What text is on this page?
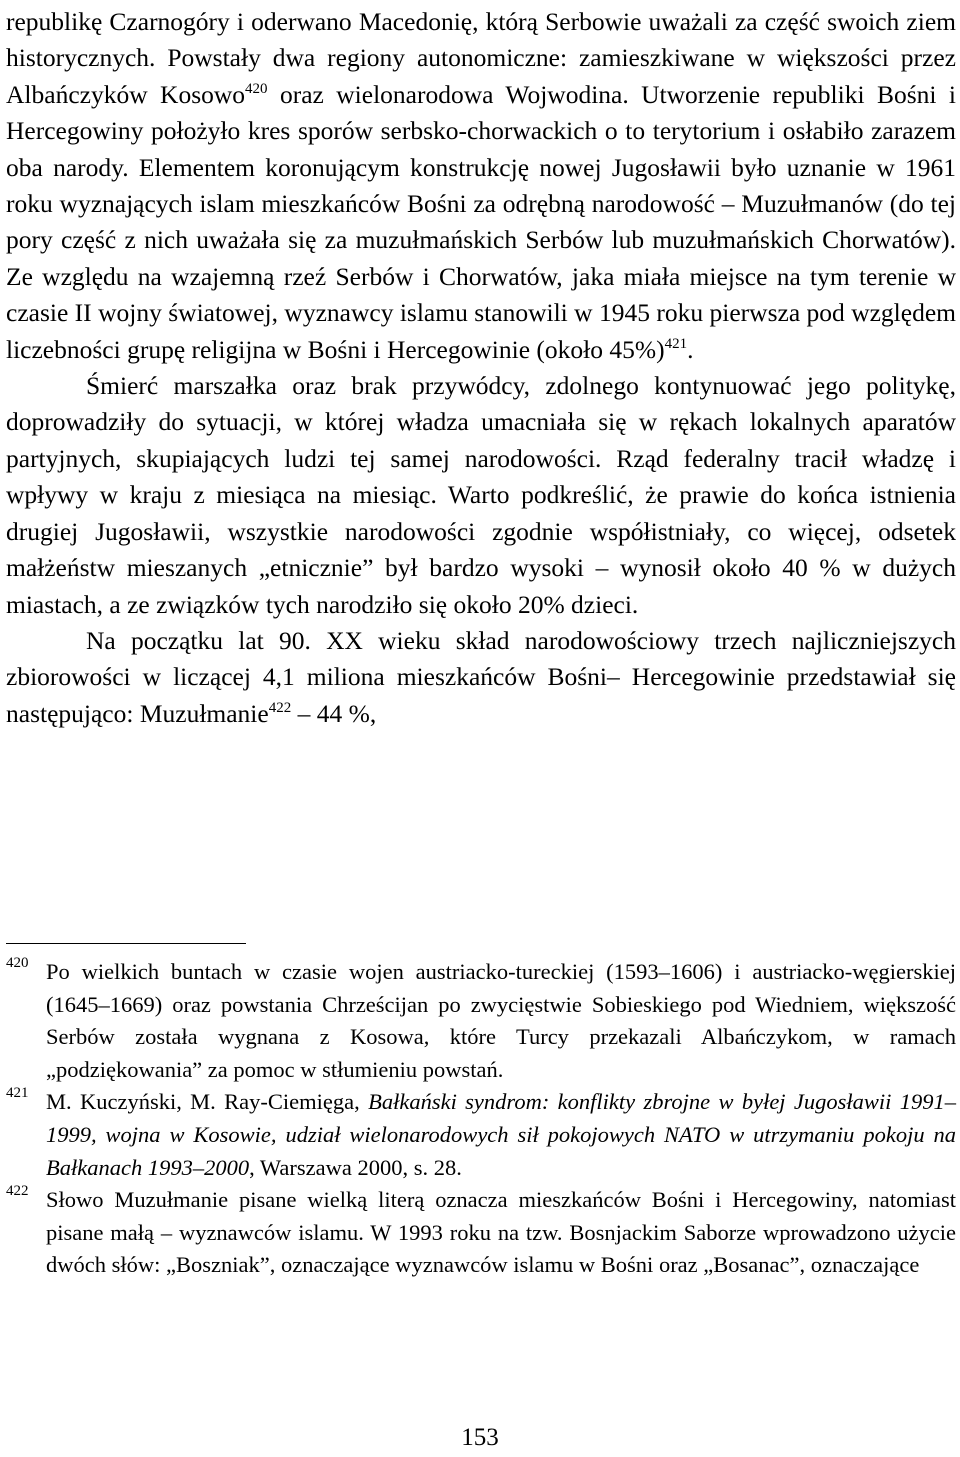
republikę Czarnogóry i oderwano Macedonię, którą Serbowie uważali za część swoich ziem historycznych. Powstały dwa regiony autonomiczne: zamieszkiwane w większości przez Albańczyków Kosowo$^{420}$ oraz wielonarodowa Wojwodina. Utworzenie republiki Bośni i Hercegowiny położyło kres sporów serbsko-chorwackich o to terytorium i osłabiło zarazem oba narody. Elementem koronującym konstrukcję nowej Jugosławii było uznanie w 1961 roku wyznających islam mieszkańców Bośni za odrębną narodowość – Muzułmanów (do tej pory część z nich uważała się za muzułmańskich Serbów lub muzułmańskich Chorwatów). Ze względu na wzajemną rzeź Serbów i Chorwatów, jaka miała miejsce na tym terenie w czasie II wojny światowej, wyznawcy islamu stanowili w 1945 roku pierwsza pod względem liczebności grupę religijna w Bośni i Hercegowinie (około 45%)$^{421}$.

Śmierć marszałka oraz brak przywódcy, zdolnego kontynuować jego politykę, doprowadziły do sytuacji, w której władza umacniała się w rękach lokalnych aparatów partyjnych, skupiających ludzi tej samej narodowości. Rząd federalny tracił władzę i wpływy w kraju z miesiąca na miesiąc. Warto podkreślić, że prawie do końca istnienia drugiej Jugosławii, wszystkie narodowości zgodnie współistniały, co więcej, odsetek małżeństw mieszanych „etnicznie” był bardzo wysoki – wynosił około 40 % w dużych miastach, a ze związków tych narodziło się około 20% dzieci.

Na początku lat 90. XX wieku skład narodowościowy trzech najliczniejszych zbiorowości w liczącej 4,1 miliona mieszkańców Bośni– Hercegowinie przedstawiał się następująco: Muzułmanie$^{422}$ – 44 %,

420 Po wielkich buntach w czasie wojen austriacko-tureckiej (1593–1606) i austriacko-węgierskiej (1645–1669) oraz powstania Chrześcijan po zwycięstwie Sobieskiego pod Wiedniem, większość Serbów została wygnana z Kosowa, które Turcy przekazali Albańczykom, w ramach „podziękowania” za pomoc w stłumieniu powstań.
421 M. Kuczyński, M. Ray-Ciemięga, Bałkański syndrom: konflikty zbrojne w byłej Jugosławii 1991–1999, wojna w Kosowie, udział wielonarodowych sił pokojowych NATO w utrzymaniu pokoju na Bałkanach 1993–2000, Warszawa 2000, s. 28.
422 Słowo Muzułmanie pisane wielką literą oznacza mieszkańców Bośni i Hercegowiny, natomiast pisane małą – wyznawców islamu. W 1993 roku na tzw. Bosnjackim Saborze wprowadzono użycie dwóch słów: „Boszniak”, oznaczające wyznawców islamu w Bośni oraz „Bosanac”, oznaczające
153
